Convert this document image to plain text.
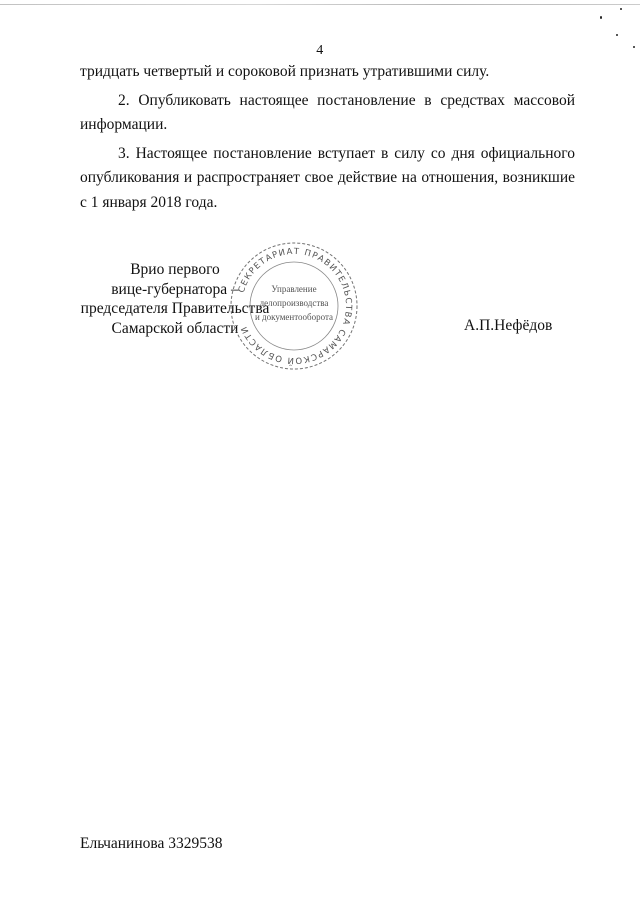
4

тридцать четвертый и сороковой признать утратившими силу.

2. Опубликовать настоящее постановление в средствах массовой информации.

3. Настоящее постановление вступает в силу со дня официального опубликования и распространяет свое действие на отношения, возникшие с 1 января 2018 года.

Врио первого
вице-губернатора –
председателя Правительства
Самарской области
СЕКРЕТАРИАТ ПРАВИТЕЛЬСТВА САМАРСКОЙ ОБЛАСТИ
Управление
делопроизводства
и документооборота	А.П.Нефёдов
Ельчанинова 3329538
